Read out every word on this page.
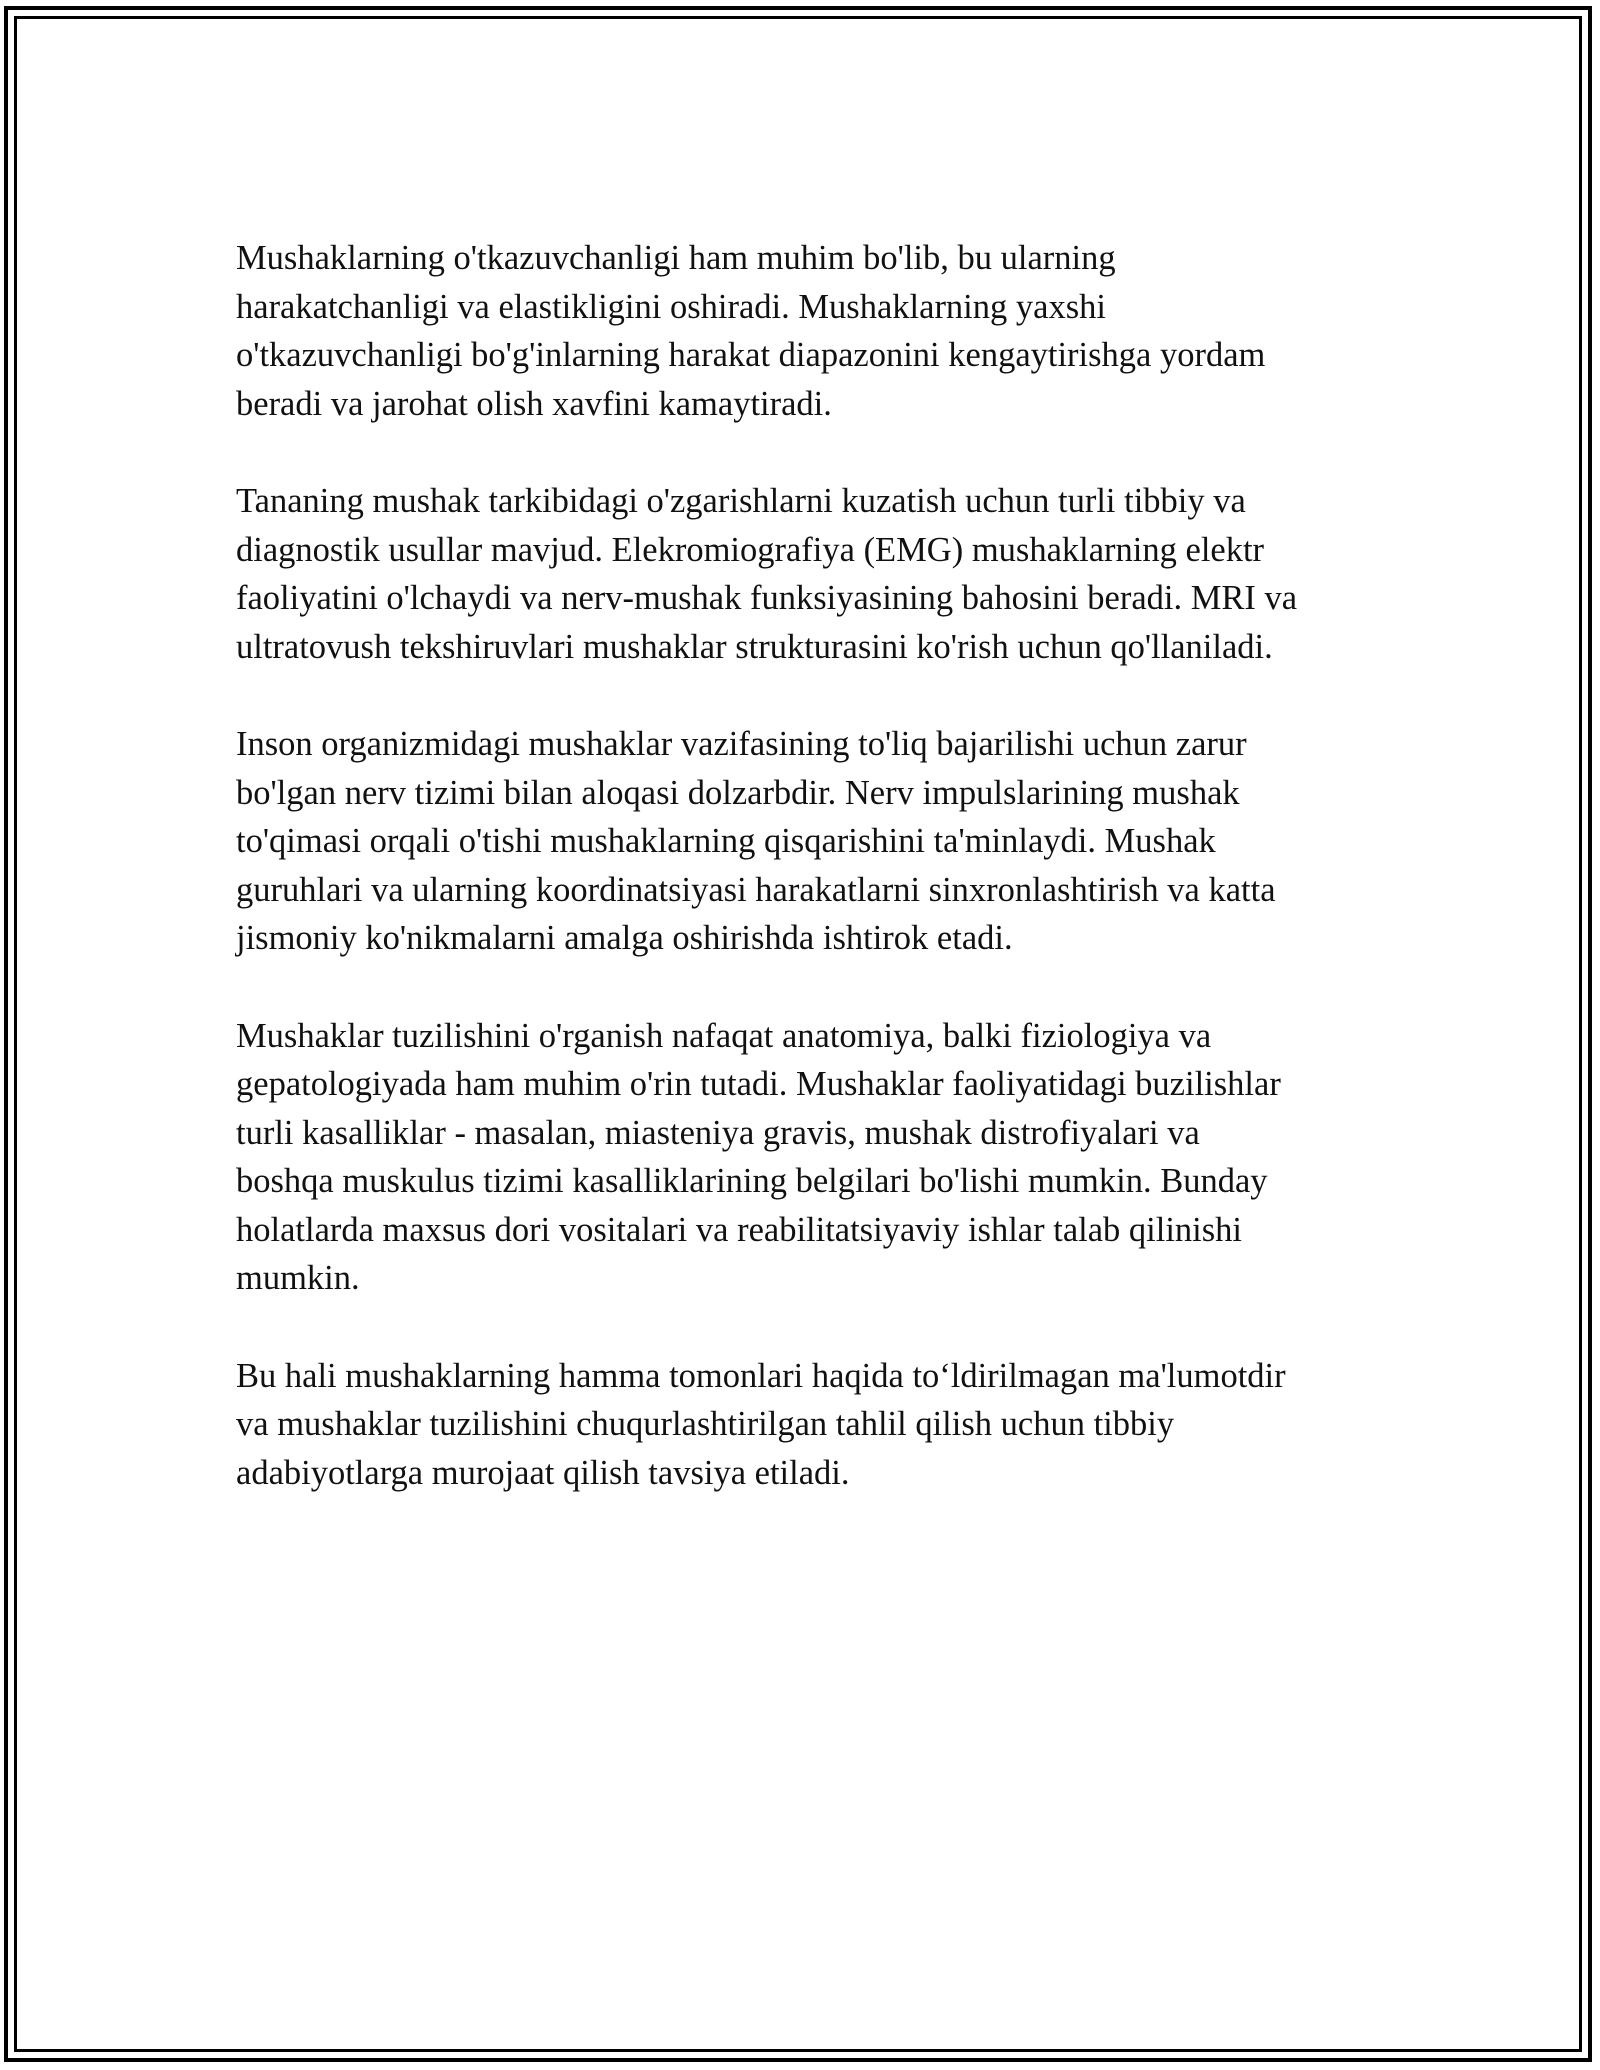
Mushaklarning o'tkazuvchanligi ham muhim bo'lib, bu ularning
harakatchanligi va elastikligini oshiradi. Mushaklarning yaxshi
o'tkazuvchanligi bo'g'inlarning harakat diapazonini kengaytirishga yordam
beradi va jarohat olish xavfini kamaytiradi.

Tananing mushak tarkibidagi o'zgarishlarni kuzatish uchun turli tibbiy va
diagnostik usullar mavjud. Elekromiografiya (EMG) mushaklarning elektr
faoliyatini o'lchaydi va nerv-mushak funksiyasining bahosini beradi. MRI va
ultratovush tekshiruvlari mushaklar strukturasini ko'rish uchun qo'llaniladi.

Inson organizmidagi mushaklar vazifasining to'liq bajarilishi uchun zarur
bo'lgan nerv tizimi bilan aloqasi dolzarbdir. Nerv impulslarining mushak
to'qimasi orqali o'tishi mushaklarning qisqarishini ta'minlaydi. Mushak
guruhlari va ularning koordinatsiyasi harakatlarni sinxronlashtirish va katta
jismoniy ko'nikmalarni amalga oshirishda ishtirok etadi.

Mushaklar tuzilishini o'rganish nafaqat anatomiya, balki fiziologiya va
gepatologiyada ham muhim o'rin tutadi. Mushaklar faoliyatidagi buzilishlar
turli kasalliklar - masalan, miasteniya gravis, mushak distrofiyalari va
boshqa muskulus tizimi kasalliklarining belgilari bo'lishi mumkin. Bunday
holatlarda maxsus dori vositalari va reabilitatsiyaviy ishlar talab qilinishi
mumkin.

Bu hali mushaklarning hamma tomonlari haqida to‘ldirilmagan ma'lumotdir
va mushaklar tuzilishini chuqurlashtirilgan tahlil qilish uchun tibbiy
adabiyotlarga murojaat qilish tavsiya etiladi.
